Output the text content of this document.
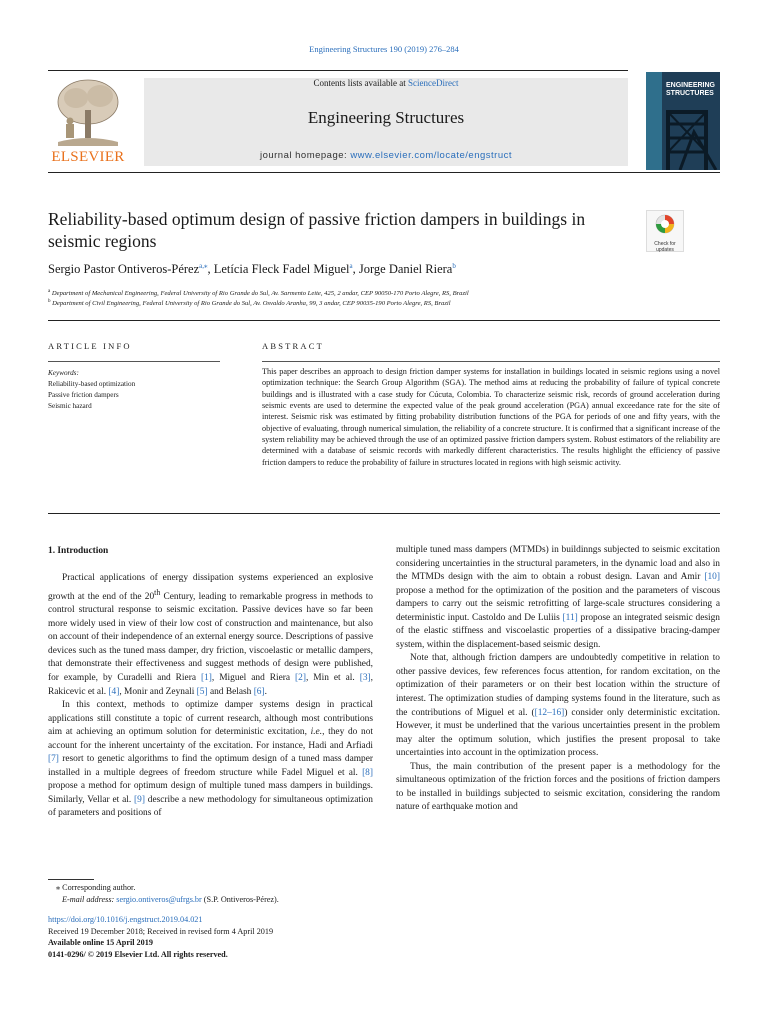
Engineering Structures 190 (2019) 276–284
ELSEVIER
Contents lists available at ScienceDirect
Engineering Structures
journal homepage: www.elsevier.com/locate/engstruct
ENGINEERING
STRUCTURES
Reliability-based optimum design of passive friction dampers in buildings in seismic regions	Check for
updates
Sergio Pastor Ontiveros-Pérez$^{a,⁎}$, Letícia Fleck Fadel Miguel$^a$, Jorge Daniel Riera$^b$
$^a$ Department of Mechanical Engineering, Federal University of Rio Grande do Sul, Av. Sarmento Leite, 425, 2 andar, CEP 90050-170 Porto Alegre, RS, Brazil
$^b$ Department of Civil Engineering, Federal University of Rio Grande do Sul, Av. Osvaldo Aranha, 99, 3 andar, CEP 90035-190 Porto Alegre, RS, Brazil
ARTICLE INFO
Keywords:
Reliability-based optimization
Passive friction dampers
Seismic hazard
ABSTRACT
This paper describes an approach to design friction damper systems for installation in buildings located in seismic regions using a novel optimization technique: the Search Group Algorithm (SGA). The method aims at reducing the probability of failure of typical concrete buildings and is illustrated with a case study for Cúcuta, Colombia. To characterize seismic risk, records of ground acceleration during seismic events are used to determine the expected value of the peak ground acceleration (PGA) annual exceedance rate for the site of interest. Seismic risk was estimated by fitting probability distribution functions of the PGA for periods of one and fifty years, with the objective of evaluating, through numerical simulation, the reliability of a concrete structure. It is confirmed that a significant increase of the system reliability may be achieved through the use of an optimized passive friction dampers system. Robust estimators of the reliability are determined with a database of seismic records with markedly different characteristics. The results highlight the efficiency of passive friction dampers to reduce the probability of failure in structures located in regions with high seismic activity.
1. Introduction

Practical applications of energy dissipation systems experienced an explosive growth at the end of the 20th Century, leading to remarkable progress in methods to control structural response to seismic excitation. Passive devices have so far been more widely used in view of their low cost of construction and maintenance, but also on account of their independence of an external energy source. Descriptions of passive devices such as the tuned mass damper, dry friction, viscoelastic or metallic dampers, that demonstrate their effectiveness and suggest methods of design were published, for example, by Curadelli and Riera [1], Miguel and Riera [2], Min et al. [3], Rakicevic et al. [4], Monir and Zeynali [5] and Belash [6].

In this context, methods to optimize damper systems design in practical applications still constitute a topic of current research, although most contributions aim at achieving an optimum solution for deterministic excitation, i.e., they do not account for the inherent uncertainty of the excitation. For instance, Hadi and Arfiadi [7] resort to genetic algorithms to find the optimum design of a tuned mass damper installed in a multiple degrees of freedom structure while Fadel Miguel et al. [8] propose a method for optimum design of multiple tuned mass dampers in buildings. Similarly, Vellar et al. [9] describe a new methodology for simultaneous optimization of parameters and positions of

multiple tuned mass dampers (MTMDs) in buildinngs subjected to seismic excitation considering uncertainties in the structural parameters, in the dynamic load and also in the MTMDs design with the aim to obtain a robust design. Lavan and Amir [10] propose a method for the optimization of the position and the parameters of viscous dampers to carry out the seismic retrofitting of large-scale structures considering a deterministic input. Castoldo and De Luliis [11] propose an integrated seismic design of the elastic stiffness and viscoelastic properties of a dissipative bracing-damper system, within the displacement-based seismic design.

Note that, although friction dampers are undoubtedly competitive in relation to other passive devices, few references focus attention, for random excitation, on the optimization of their parameters or on their best location within the structure of interest. The optimization studies of damping systems found in the literature, such as the contributions of Miguel et al. ([12–16]) consider only deterministic excitation. However, it must be underlined that the various uncertainties present in the problem may alter the optimum solution, which justifies the present proposal to take uncertainties into account in the optimization process.

Thus, the main contribution of the present paper is a methodology for the simultaneous optimization of the friction forces and the positions of friction dampers to be installed in buildings subjected to seismic excitation, considering the random nature of earthquake motion and

⁎ Corresponding author.
E-mail address: sergio.ontiveros@ufrgs.br (S.P. Ontiveros-Pérez).
https://doi.org/10.1016/j.engstruct.2019.04.021
Received 19 December 2018; Received in revised form 4 April 2019
Available online 15 April 2019
0141-0296/ © 2019 Elsevier Ltd. All rights reserved.
